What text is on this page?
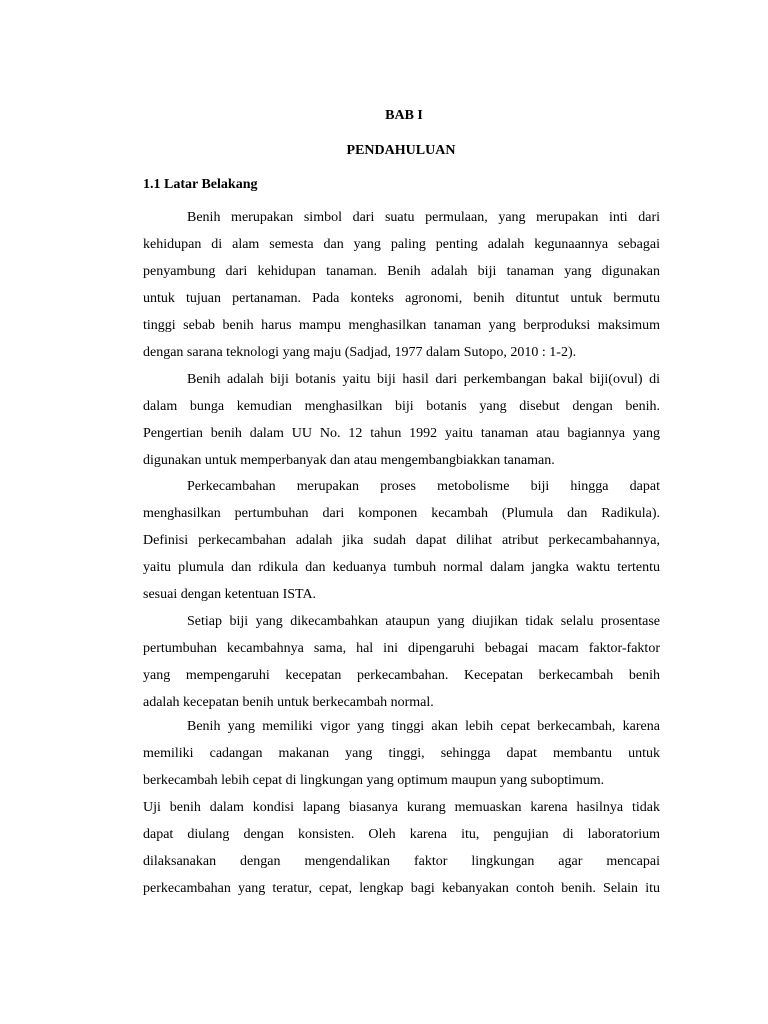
BAB I
PENDAHULUAN
1.1 Latar Belakang
Benih merupakan simbol dari suatu permulaan, yang merupakan inti dari
kehidupan di alam semesta dan yang paling penting adalah kegunaannya sebagai
penyambung dari kehidupan tanaman. Benih adalah biji tanaman yang digunakan
untuk tujuan pertanaman. Pada konteks agronomi, benih dituntut untuk bermutu
tinggi sebab benih harus mampu menghasilkan tanaman yang berproduksi maksimum
dengan sarana teknologi yang maju (Sadjad, 1977 dalam Sutopo, 2010 : 1-2).
Benih adalah biji botanis yaitu biji hasil dari perkembangan bakal biji(ovul) di
dalam bunga kemudian menghasilkan biji botanis yang disebut dengan benih.
Pengertian benih dalam UU No. 12 tahun 1992 yaitu tanaman atau bagiannya yang
digunakan untuk memperbanyak dan atau mengembangbiakkan tanaman.
Perkecambahan merupakan proses metobolisme biji hingga dapat
menghasilkan pertumbuhan dari komponen kecambah (Plumula dan Radikula).
Definisi perkecambahan adalah jika sudah dapat dilihat atribut perkecambahannya,
yaitu plumula dan rdikula dan keduanya tumbuh normal dalam jangka waktu tertentu
sesuai dengan ketentuan ISTA.
Setiap biji yang dikecambahkan ataupun yang diujikan tidak selalu prosentase
pertumbuhan kecambahnya sama, hal ini dipengaruhi bebagai macam faktor-faktor
yang mempengaruhi kecepatan perkecambahan. Kecepatan berkecambah benih
adalah kecepatan benih untuk berkecambah normal.
Benih yang memiliki vigor yang tinggi akan lebih cepat berkecambah, karena
memiliki cadangan makanan yang tinggi, sehingga dapat membantu untuk
berkecambah lebih cepat di lingkungan yang optimum maupun yang suboptimum.
Uji benih dalam kondisi lapang biasanya kurang memuaskan karena hasilnya tidak
dapat diulang dengan konsisten. Oleh karena itu, pengujian di laboratorium
dilaksanakan dengan mengendalikan faktor lingkungan agar mencapai
perkecambahan yang teratur, cepat, lengkap bagi kebanyakan contoh benih. Selain itu
